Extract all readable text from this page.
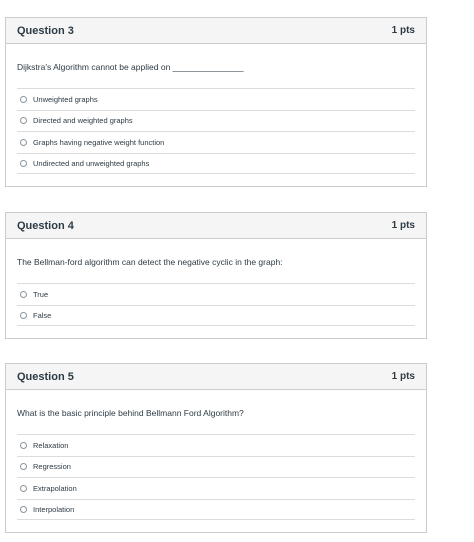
Question 3	1 pts
Dijkstra's Algorithm cannot be applied on _______________
Unweighted graphs
Directed and weighted graphs
Graphs having negative weight function
Undirected and unweighted graphs
Question 4	1 pts
The Bellman-ford algorithm can detect the negative cyclic in the graph:
True
False
Question 5	1 pts
What is the basic principle behind Bellmann Ford Algorithm?
Relaxation
Regression
Extrapolation
Interpolation
